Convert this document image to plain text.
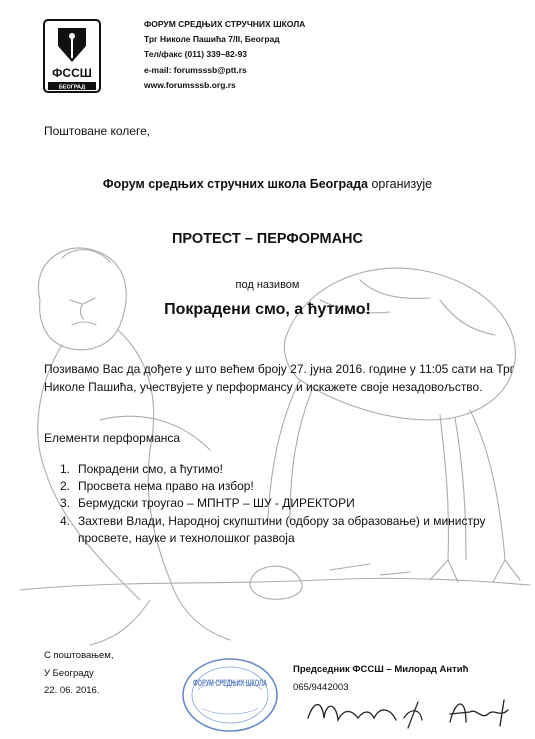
ФССШ
БЕОГРАД
ФОРУМ СРЕДЊИХ СТРУЧНИХ ШКОЛА
Трг Николе Пашића 7/II, Београд
Тел/факс (011) 339–82-93
e-mail: forumsssb@ptt.rs
www.forumsssb.org.rs
Поштоване колеге,
Форум средњих стручних школа Београда организује
ПРОТЕСТ – ПЕРФОРМАНС
под називом
Покрадени смо, а ћутимо!
Позивамо Вас да дођете у што већем броју 27. јуна 2016. године у 11:05 сати на Трг Николе Пашића, учествујете у перформансу и искажете своје незадовољство.
Елементи перформанса
1. Покрадени смо, а ћутимо!
2. Просвета нема право на избор!
3. Бермудски троугао – МПНТР – ШУ - ДИРЕКТОРИ
4. Захтеви Влади, Народној скупштини (одбору за образовање) и министру просвете, науке и технолошког развоја
С поштовањем,
У Београду
22. 06. 2016.
ФОРУМ СРЕДЊИХ ШКОЛА
Председник ФССШ – Милорад Антић
065/9442003
